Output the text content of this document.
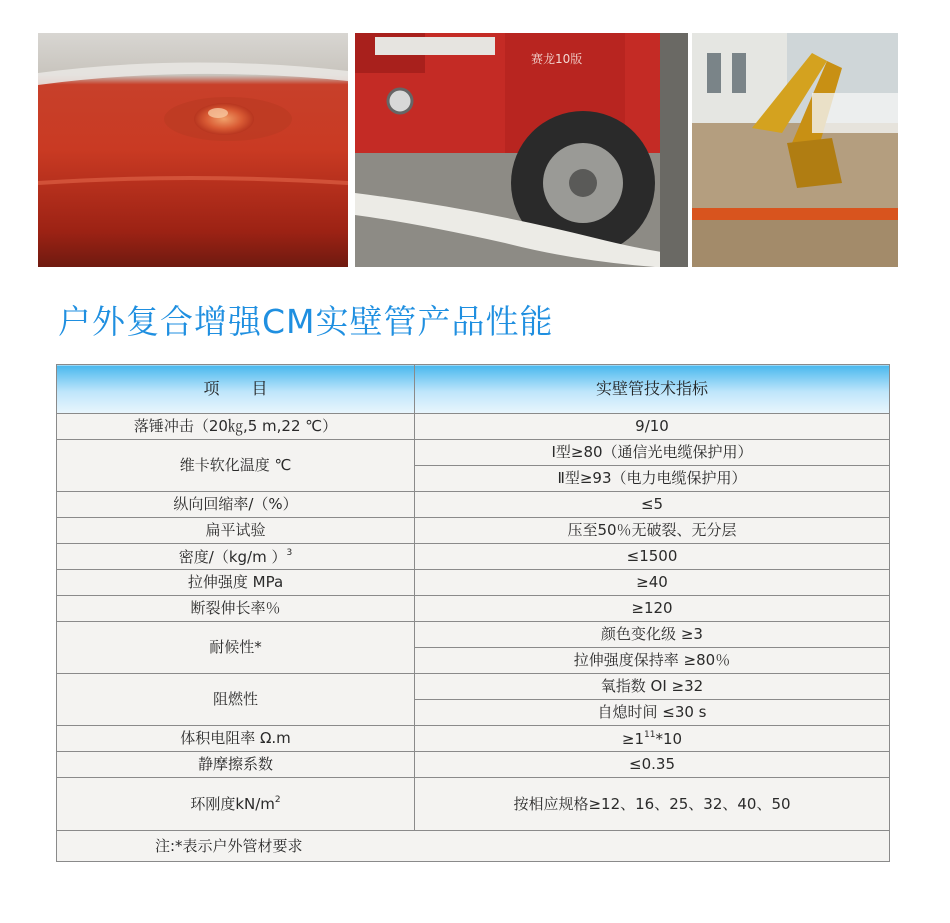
赛龙10版
户外复合增强CM实壁管产品性能
项　　目	实壁管技术指标
落锤冲击（20㎏,5 m,22 ℃）	9/10
维卡软化温度 ℃	Ⅰ型≥80（通信光电缆保护用）
	Ⅱ型≥93（电力电缆保护用）
纵向回缩率/（%）	≤5
扁平试验	压至50％无破裂、无分层
密度/（kg/m ）$^3$	≤1500
拉伸强度 MPa	≥40
断裂伸长率％	≥120
耐候性*	颜色变化级 ≥3
	拉伸强度保持率 ≥80％
阻燃性	氧指数 OI ≥32
	自熄时间 ≤30 s
体积电阻率 Ω.m	$\ge 1^{11}*10$
静摩擦系数	≤0.35
环刚度$kN/m^2$	按相应规格≥12、16、25、32、40、50
注:*表示户外管材要求	
